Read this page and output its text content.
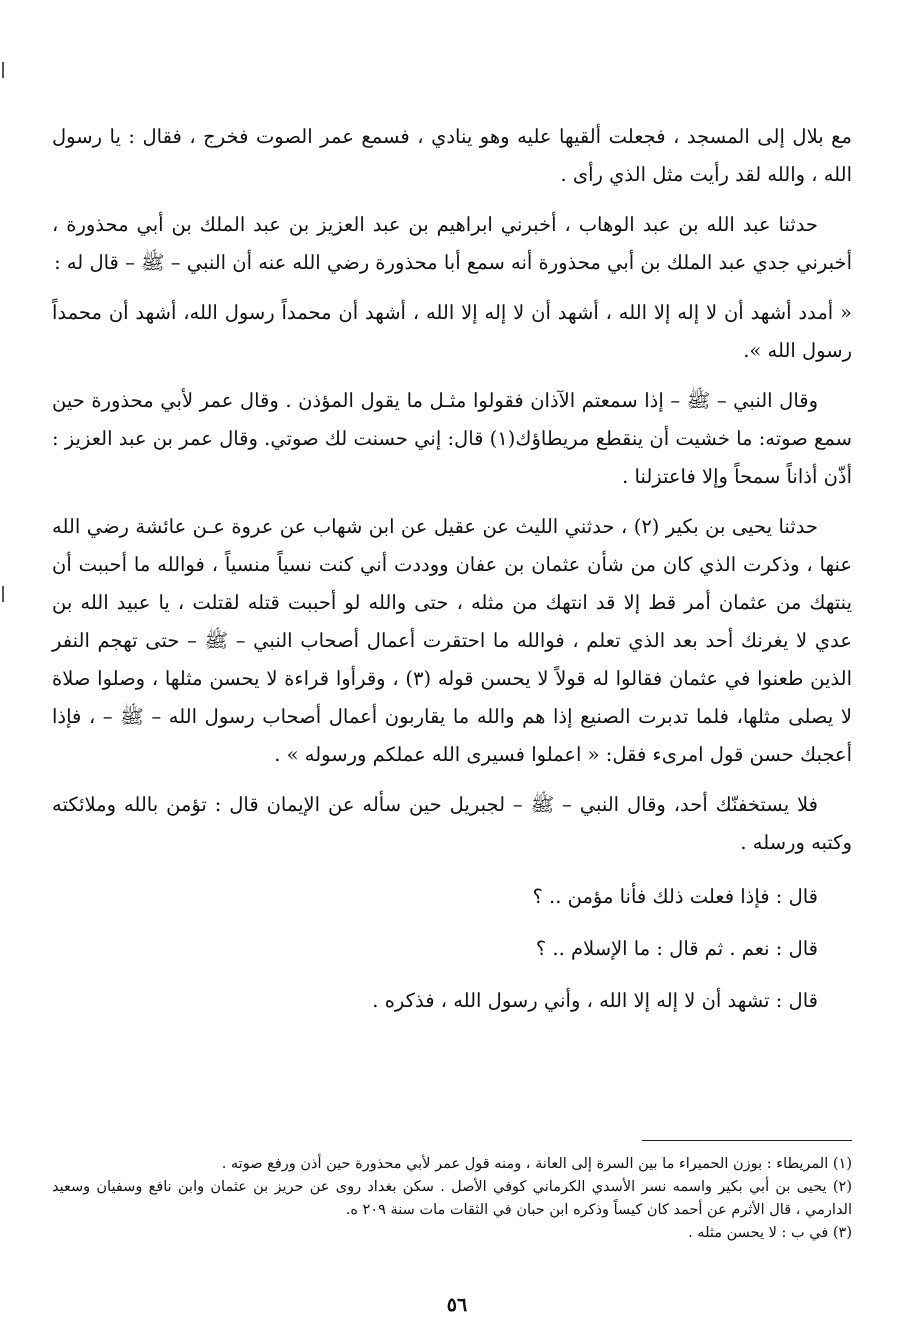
مع بلال إلى المسجد ، فجعلت ألقيها عليه وهو ينادي ، فسمع عمر الصوت فخرج ، فقال : يا رسول الله ، والله لقد رأيت مثل الذي رأى .

حدثنا عبد الله بن عبد الوهاب ، أخبرني ابراهيم بن عبد العزيز بن عبد الملك بن أبي محذورة ، أخبرني جدي عبد الملك بن أبي محذورة أنه سمع أبا محذورة رضي الله عنه أن النبي – ﷺ – قال له :

« أمدد أشهد أن لا إله إلا الله ، أشهد أن لا إله إلا الله ، أشهد أن محمداً رسول الله، أشهد أن محمداً رسول الله ».

وقال النبي – ﷺ – إذا سمعتم الآذان فقولوا مثـل ما يقول المؤذن . وقال عمر لأبي محذورة حين سمع صوته: ما خشيت أن ينقطع مريطاؤك(١) قال: إني حسنت لك صوتي. وقال عمر بن عبد العزيز : أذّن أذاناً سمحاً وإلا فاعتزلنا .

حدثنا يحيى بن بكير (٢) ، حدثني الليث عن عقيل عن ابن شهاب عن عروة عـن عائشة رضي الله عنها ، وذكرت الذي كان من شأن عثمان بن عفان ووددت أني كنت نسياً منسياً ، فوالله ما أحببت أن ينتهك من عثمان أمر قط إلا قد انتهك من مثله ، حتى والله لو أحببت قتله لقتلت ، يا عبيد الله بن عدي لا يغرنك أحد بعد الذي تعلم ، فوالله ما احتقرت أعمال أصحاب النبي – ﷺ – حتى تهجم النفر الذين طعنوا في عثمان فقالوا له قولاً لا يحسن قوله (٣) ، وقرأوا قراءة لا يحسن مثلها ، وصلوا صلاة لا يصلى مثلها، فلما تدبرت الصنيع إذا هم والله ما يقاربون أعمال أصحاب رسول الله – ﷺ – ، فإذا أعجبك حسن قول امرىء فقل: « اعملوا فسيرى الله عملكم ورسوله » .

فلا يستخفنّك أحد، وقال النبي – ﷺ – لجبريل حين سأله عن الإيمان قال : تؤمن بالله وملائكته وكتبه ورسله .

قال : فإذا فعلت ذلك فأنا مؤمن .. ؟

قال : نعم . ثم قال : ما الإسلام .. ؟

قال : تشهد أن لا إله إلا الله ، وأني رسول الله ، فذكره .

(١) المريطاء : بوزن الحميراء ما بين السرة إلى العانة ، ومنه قول عمر لأبي محذورة حين أذن ورفع صوته .

(٢) يحيى بن أبي بكير واسمه نسر الأسدي الكرماني كوفي الأصل . سكن بغداد روى عن حريز بن عثمان وابن نافع وسفيان وسعيد الدارمي ، قال الأثرم عن أحمد كان كيساً وذكره ابن حبان في الثقات مات سنة ٢٠٩ ه.

(٣) في ب : لا يحسن مثله .

٥٦
